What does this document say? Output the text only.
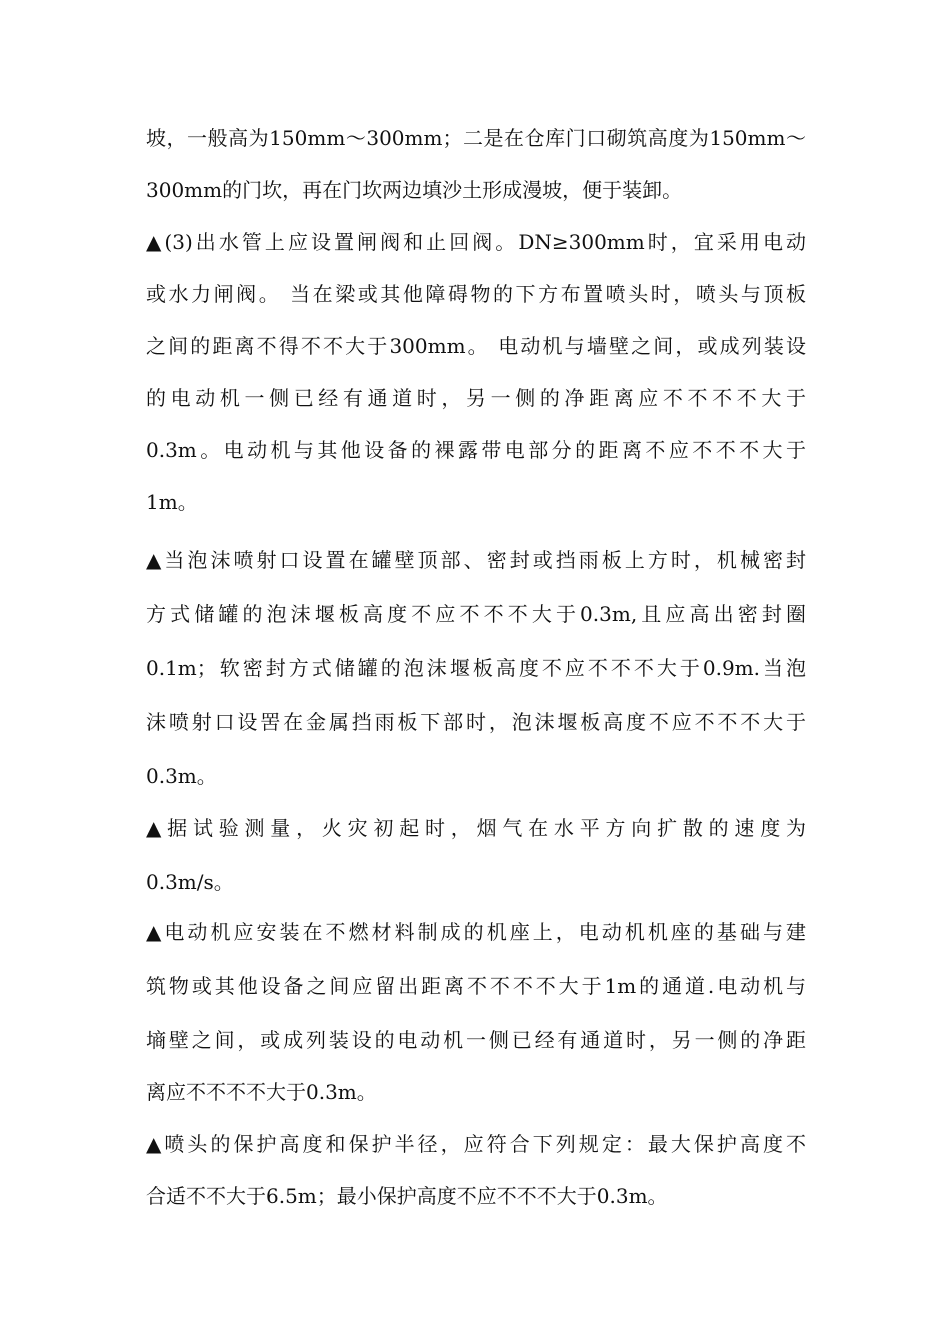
坡，一般高为150mm～300mm；二是在仓库门口砌筑高度为150mm～
300mm的门坎，再在门坎两边填沙土形成漫坡，便于装卸。
▲(3)出水管上应设置闸阀和止回阀。DN≥300mm时，宜采用电动
或水力闸阀。 当在梁或其他障碍物的下方布置喷头时，喷头与顶板
之间的距离不得不不大于300mm。 电动机与墙壁之间，或成列装设
的电动机一侧已经有通道时，另一侧的净距离应不不不不大于
0.3m。电动机与其他设备的裸露带电部分的距离不应不不不大于
1m。
▲当泡沫喷射口设置在罐壁顶部、密封或挡雨板上方时，机械密封
方式储罐的泡沫堰板高度不应不不不大于0.3m,且应高出密封圈
0.1m；软密封方式储罐的泡沫堰板高度不应不不不大于0.9m.当泡
沫喷射口设罟在金属挡雨板下部时，泡沫堰板高度不应不不不大于
0.3m。
▲据试验测量，火灾初起时，烟气在水平方向扩散的速度为
0.3m/s。
▲电动机应安装在不燃材料制成的机座上，电动机机座的基础与建
筑物或其他设备之间应留出距离不不不不大于1m的通道.电动机与
墒壁之间，或成列装设的电动机一侧已经有通道时，另一侧的净距
离应不不不不大于0.3m。
▲喷头的保护高度和保护半径，应符合下列规定：最大保护高度不
合适不不大于6.5m；最小保护高度不应不不不大于0.3m。
